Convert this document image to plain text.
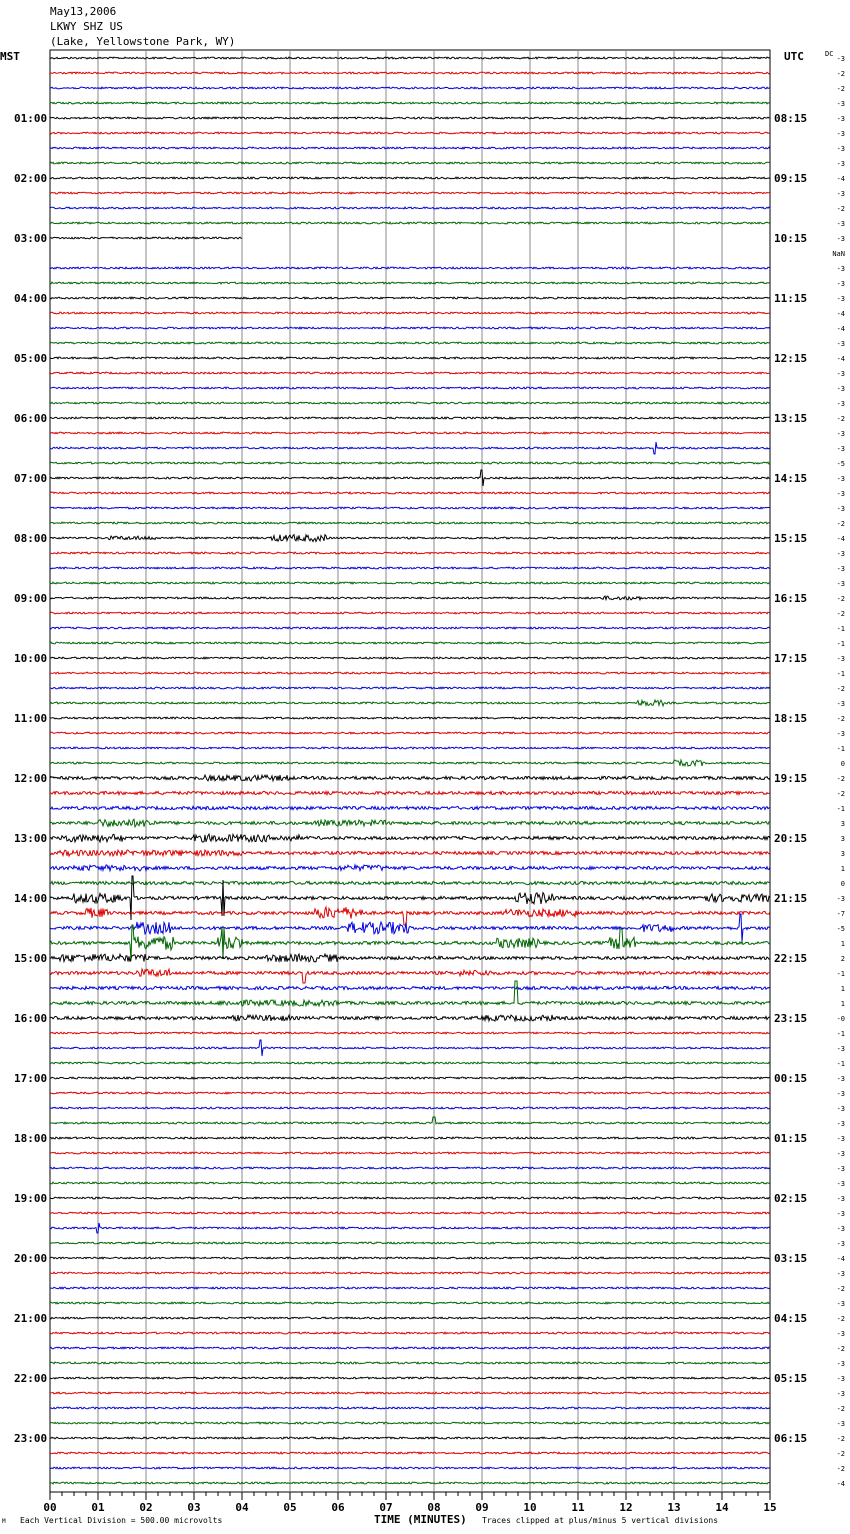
May13,2006
LKWY SHZ US
(Lake, Yellowstone Park, WY)
MST	UTC
01:00
02:00
03:00
04:00
05:00
06:00
07:00
08:00
09:00
10:00
11:00
12:00
13:00
14:00
15:00
16:00
17:00
18:00
19:00
20:00
21:00
22:00
23:00
08:15
09:15
10:15
11:15
12:15
13:15
14:15
15:15
16:15
17:15
18:15
19:15
20:15
21:15
22:15
23:15
00:15
01:15
02:15
03:15
04:15
05:15
06:15
-3
-2
-2
-3
-3
-3
-3
-3
-4
-3
-2
-3
-3
NaN
-3
-3
-3
-4
-4
-3
-4
-3
-3
-3
-2
-3
-3
-5
-3
-3
-3
-2
-4
-3
-3
-3
-2
-2
-1
-1
-3
-1
-2
-3
-2
-3
-1
0
-2
-2
-1
3
3
3
1
0
-3
-7
-5
1
2
-1
1
1
-0
-1
-3
-1
-3
-3
-3
-3
-3
-3
-3
-3
-3
-3
-3
-3
-4
-3
-2
-3
-2
-3
-2
-3
-3
-3
-2
-3
-2
-2
-2
-4
DC
00	01	02	03	04	05	06	07	08	09	10	11	12	13	14	15
TIME (MINUTES)
Each Vertical Division = 500.00 microvolts	Traces clipped at plus/minus 5 vertical divisions
M
